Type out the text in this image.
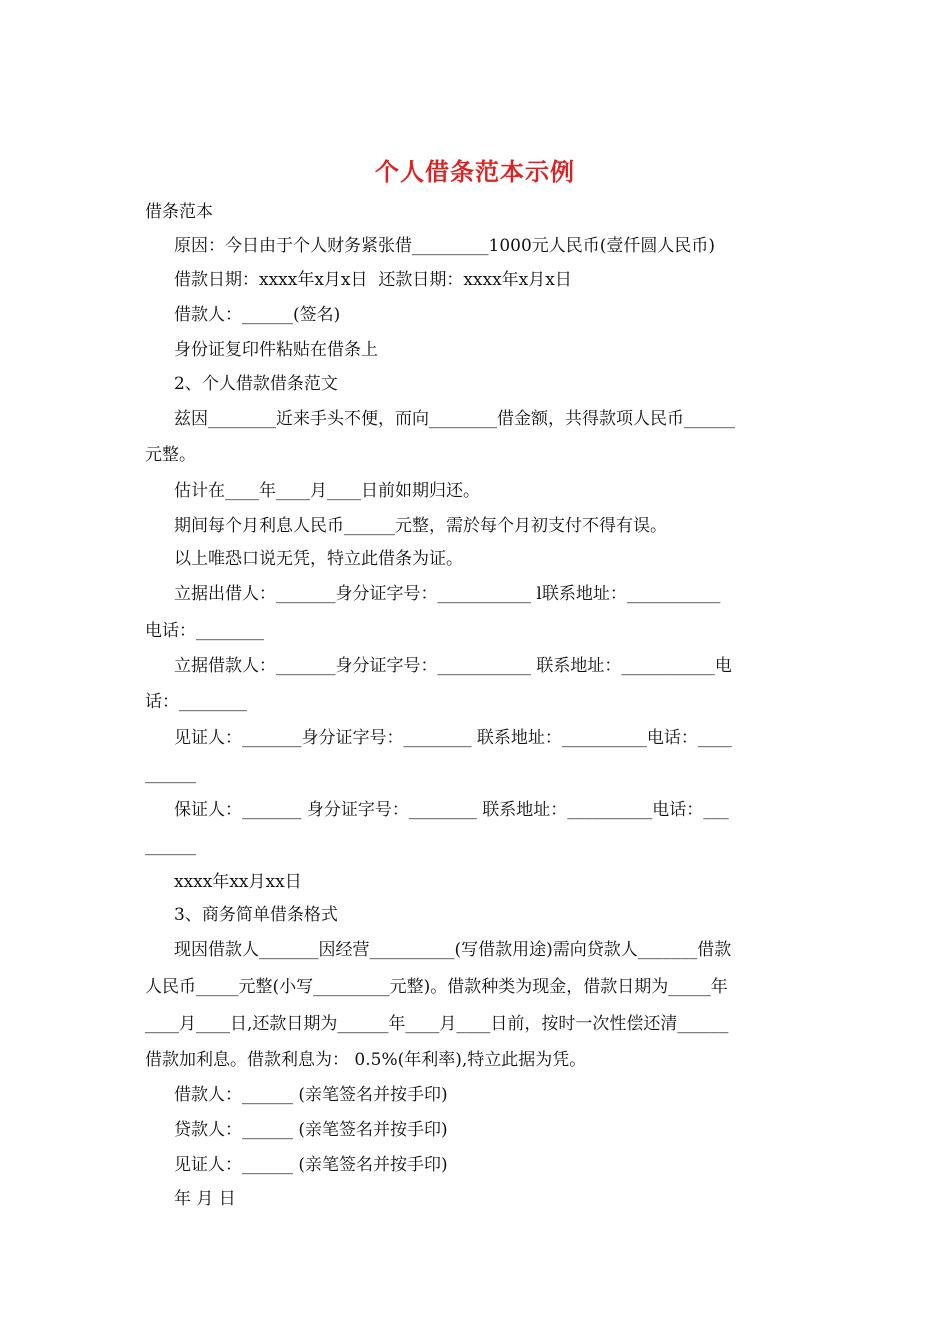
个人借条范本示例
借条范本
原因：今日由于个人财务紧张借_________1000元人民币(壹仟圆人民币)
借款日期：xxxx年x月x日  还款日期：xxxx年x月x日
借款人：______(签名)
身份证复印件粘贴在借条上
2、个人借款借条范文
兹因________近来手头不便，而向________借金额，共得款项人民币______
元整。
估计在____年____月____日前如期归还。
期间每个月利息人民币______元整，需於每个月初支付不得有误。
以上唯恐口说无凭，特立此借条为证。
立据出借人：_______身分证字号：___________ l联系地址：___________
电话：________
立据借款人：_______身分证字号：___________ 联系地址：___________电
话：________
见证人：_______身分证字号：________ 联系地址：__________电话：____
______
保证人：_______ 身分证字号：________ 联系地址：__________电话：___
______
xxxx年xx月xx日
3、商务简单借条格式
现因借款人_______因经营__________(写借款用途)需向贷款人_______借款
人民币_____元整(小写_________元整)。借款种类为现金，借款日期为_____年
____月____日,还款日期为______年____月____日前，按时一次性偿还清______
借款加利息。借款利息为： 0.5%(年利率),特立此据为凭。
借款人：______ (亲笔签名并按手印)
贷款人：______ (亲笔签名并按手印)
见证人：______ (亲笔签名并按手印)
年 月 日
